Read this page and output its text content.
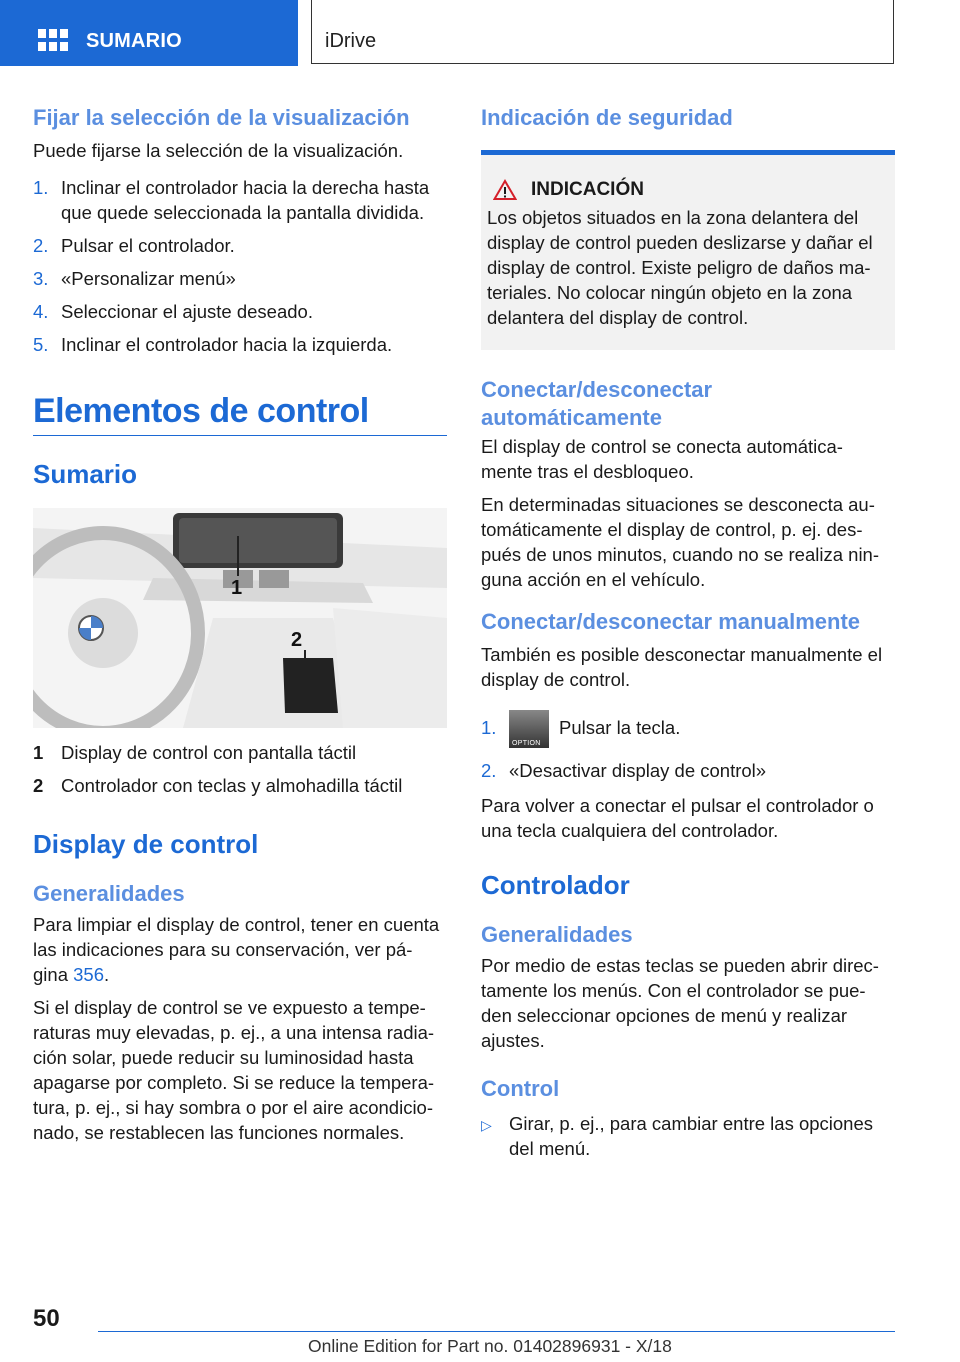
SUMARIO	iDrive
Fijar la selección de la visualización

Puede fijarse la selección de la visualización.

1. Inclinar el controlador hacia la derecha hasta que quede seleccionada la pantalla dividida.
2. Pulsar el controlador.
3. «Personalizar menú»
4. Seleccionar el ajuste deseado.
5. Inclinar el controlador hacia la izquierda.
Elementos de control
Sumario
1
2
1 Display de control con pantalla táctil
2 Controlador con teclas y almohadilla táctil
Display de control
Generalidades

Para limpiar el display de control, tener en cuenta las indicaciones para su conservación, ver pá- gina 356.

Si el display de control se ve expuesto a tempe- raturas muy elevadas, p. ej., a una intensa radia- ción solar, puede reducir su luminosidad hasta apagarse por completo. Si se reduce la tempera- tura, p. ej., si hay sombra o por el aire acondicio- nado, se restablecen las funciones normales.

Indicación de seguridad
INDICACIÓN

Los objetos situados en la zona delantera del display de control pueden deslizarse y dañar el display de control. Existe peligro de daños ma- teriales. No colocar ningún objeto en la zona delantera del display de control.

Conectar/desconectar automáticamente

El display de control se conecta automática- mente tras el desbloqueo.

En determinadas situaciones se desconecta au- tomáticamente el display de control, p. ej. des- pués de unos minutos, cuando no se realiza nin- guna acción en el vehículo.

Conectar/desconectar manualmente

También es posible desconectar manualmente el display de control.

1.
OPTION
Pulsar la tecla.
2. «Desactivar display de control»

Para volver a conectar el pulsar el controlador o una tecla cualquiera del controlador.

Controlador
Generalidades

Por medio de estas teclas se pueden abrir direc- tamente los menús. Con el controlador se pue- den seleccionar opciones de menú y realizar ajustes.

Control
▷ Girar, p. ej., para cambiar entre las opciones del menú.
50
Online Edition for Part no. 01402896931 - X/18
